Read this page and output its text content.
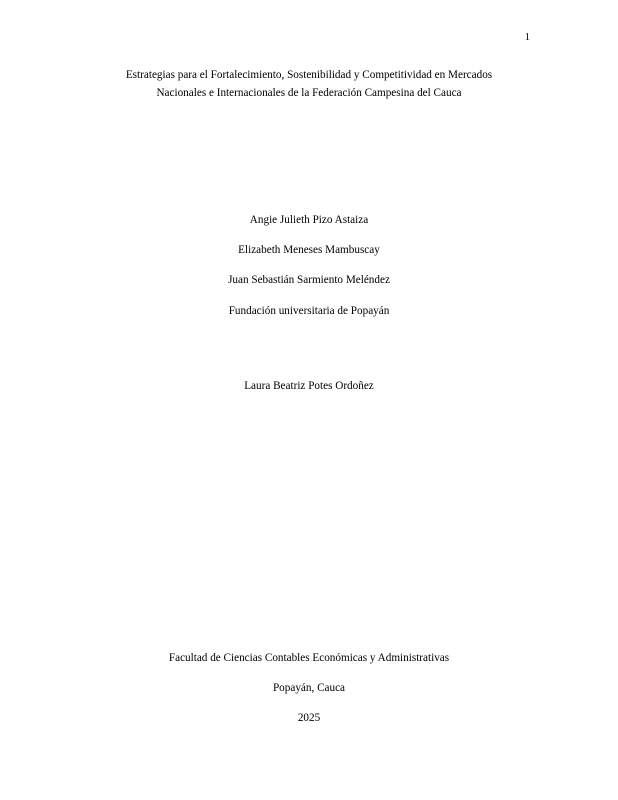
1
Estrategias para el Fortalecimiento, Sostenibilidad y Competitividad en Mercados
Nacionales e Internacionales de la Federación Campesina del Cauca
Angie Julieth Pizo Astaiza
Elizabeth Meneses Mambuscay
Juan Sebastián Sarmiento Meléndez
Fundación universitaria de Popayán
Laura Beatriz Potes Ordoñez
Facultad de Ciencias Contables Económicas y Administrativas
Popayán, Cauca
2025
